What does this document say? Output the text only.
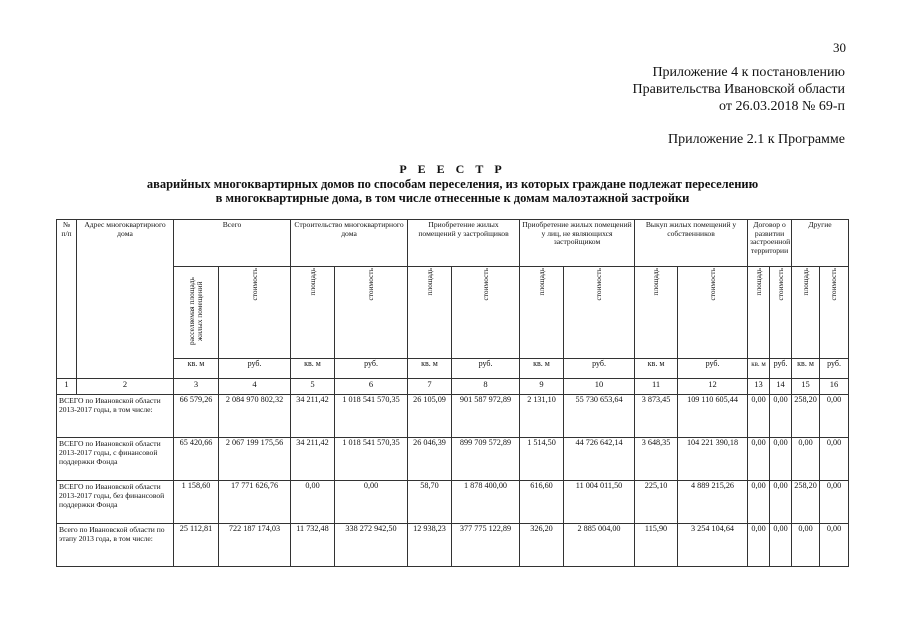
30
Приложение 4 к постановлению
Правительства Ивановской области
от 26.03.2018 № 69-п
Приложение 2.1 к Программе
Р Е Е С Т Р
аварийных многоквартирных домов по способам переселения, из которых граждане подлежат переселению
в многоквартирные дома, в том числе отнесенные к домам малоэтажной застройки
№ п/п	Адрес многоквартирного дома	Всего		Строительство многоквартирного дома		Приобретение жилых помещений у застройщиков		Приобретение жилых помещений у лиц, не являющихся застройщиком		Выкуп жилых помещений у собственников		Договор о развитии застроенной территории		Другие		
		расселяемая площадь жилых помещений	стоимость	площадь	стоимость	площадь	стоимость	площадь	стоимость	площадь	стоимость	площадь	стоимость	площадь	стоимость		
		кв. м	руб.	кв. м	руб.	кв. м	руб.	кв. м	руб.	кв. м	руб.	кв. м	руб.	кв. м	руб.	
1	2	3	4	5	6	7	8	9	10	11	12	13	14	15	16	
ВСЕГО по Ивановской области 2013-2017 годы, в том числе:		66 579,26	2 084 970 802,32	34 211,42	1 018 541 570,35	26 105,09	901 587 972,89	2 131,10	55 730 653,64	3 873,45	109 110 605,44	0,00	0,00	258,20	0,00	
ВСЕГО по Ивановской области 2013-2017 годы, с финансовой поддержки Фонда		65 420,66	2 067 199 175,56	34 211,42	1 018 541 570,35	26 046,39	899 709 572,89	1 514,50	44 726 642,14	3 648,35	104 221 390,18	0,00	0,00	0,00	0,00	
ВСЕГО по Ивановской области 2013-2017 годы, без финансовой поддержки Фонда		1 158,60	17 771 626,76	0,00	0,00	58,70	1 878 400,00	616,60	11 004 011,50	225,10	4 889 215,26	0,00	0,00	258,20	0,00	
Всего по Ивановской области по этапу 2013 года, в том числе:		25 112,81	722 187 174,03	11 732,48	338 272 942,50	12 938,23	377 775 122,89	326,20	2 885 004,00	115,90	3 254 104,64	0,00	0,00	0,00	0,00	
